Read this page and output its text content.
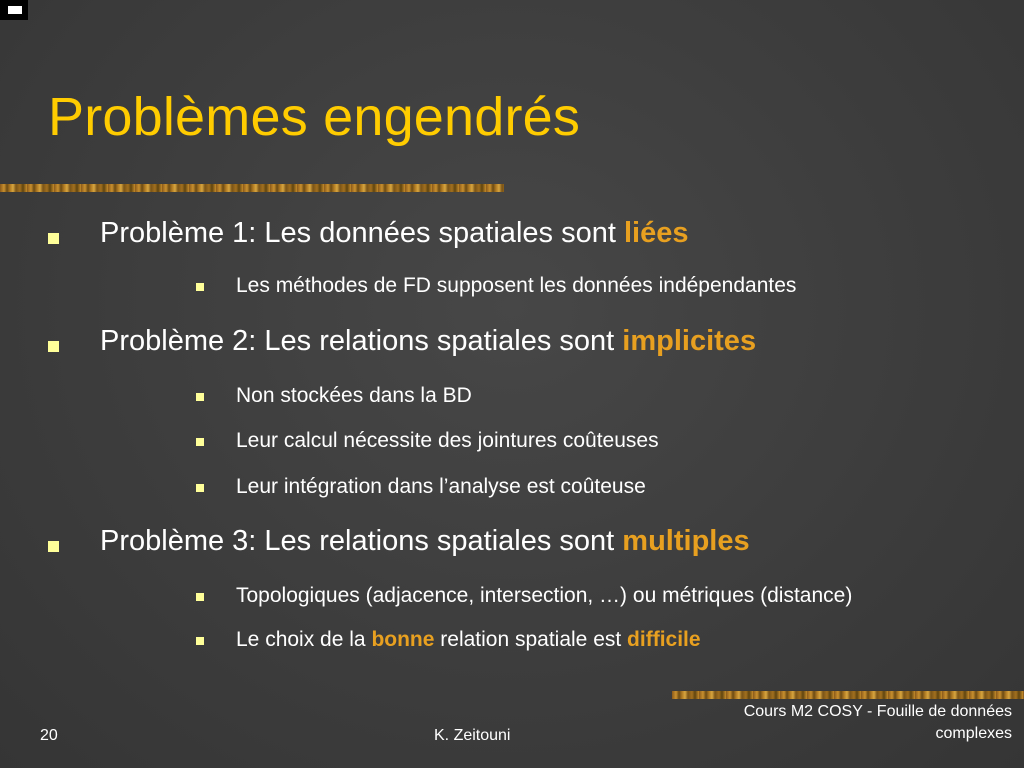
Problèmes engendrés
Problème 1: Les données spatiales sont liées
Les méthodes de FD supposent les données indépendantes
Problème 2: Les relations spatiales sont implicites
Non stockées dans la BD
Leur calcul nécessite des jointures coûteuses
Leur intégration dans l’analyse est coûteuse
Problème 3: Les relations spatiales sont multiples
Topologiques (adjacence, intersection, …) ou métriques (distance)
Le choix de la bonne relation spatiale est difficile
20	K. Zeitouni
Cours M2 COSY - Fouille de données
complexes
